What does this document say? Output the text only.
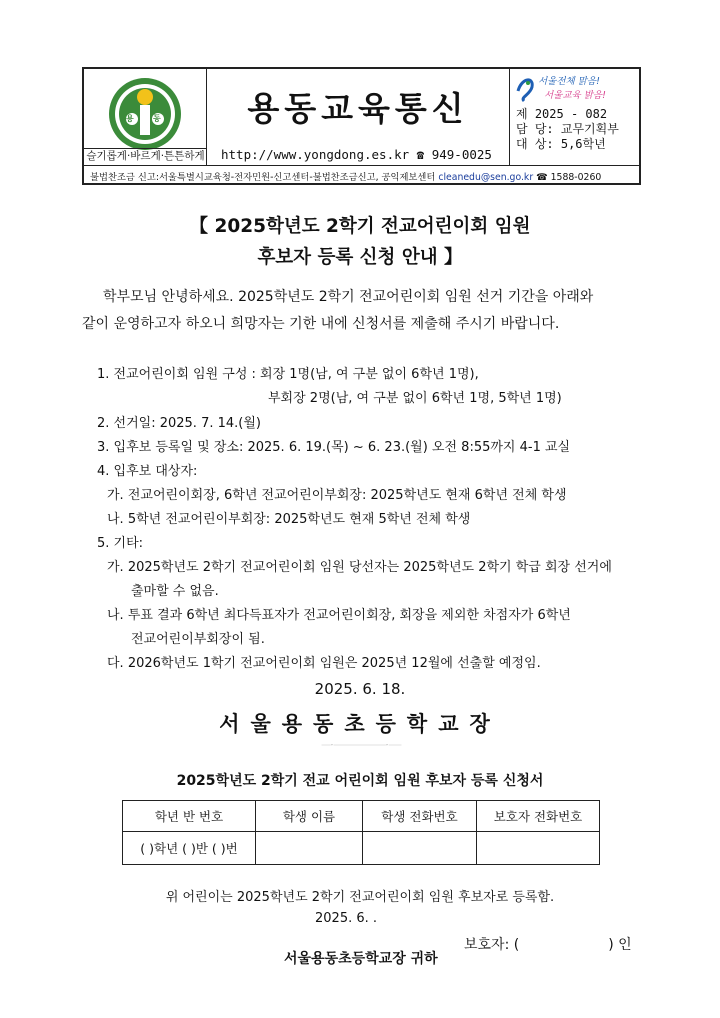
용 동
슬기롭게·바르게·튼튼하게
용동교육통신
http://www.yongdong.es.kr ☎ 949-0025
서울전체 맑음!
서울교육 밝음!
제 2025 - 082
담 당: 교무기획부
대 상: 5,6학년
불법찬조금 신고:서울특별시교육청-전자민원-신고센터-불법찬조금신고, 공익제보센터 cleanedu@sen.go.kr ☎ 1588-0260
【 2025학년도 2학기 전교어린이회 임원
후보자 등록 신청 안내 】
학부모님 안녕하세요. 2025학년도 2학기 전교어린이회 임원 선거 기간을 아래와
같이 운영하고자 하오니 희망자는 기한 내에 신청서를 제출해 주시기 바랍니다.
1. 전교어린이회 임원 구성 : 회장 1명(남, 여 구분 없이 6학년 1명),
부회장 2명(남, 여 구분 없이 6학년 1명, 5학년 1명)
2. 선거일: 2025. 7. 14.(월)
3. 입후보 등록일 및 장소: 2025. 6. 19.(목) ~ 6. 23.(월) 오전 8:55까지 4-1 교실
4. 입후보 대상자:
가. 전교어린이회장, 6학년 전교어린이부회장: 2025학년도 현재 6학년 전체 학생
나. 5학년 전교어린이부회장: 2025학년도 현재 5학년 전체 학생
5. 기타:
가. 2025학년도 2학기 전교어린이회 임원 당선자는 2025학년도 2학기 학급 회장 선거에
출마할 수 없음.
나. 투표 결과 6학년 최다득표자가 전교어린이회장, 회장을 제외한 차점자가 6학년
전교어린이부회장이 됨.
다. 2026학년도 1학기 전교어린이회 임원은 2025년 12월에 선출할 예정임.
2025. 6. 18.
서울용동초등학교장
✂	✂
2025학년도 2학기 전교 어린이회 임원 후보자 등록 신청서
학년 반 번호	학생 이름	학생 전화번호	보호자 전화번호
( )학년 ( )반 ( )번			
위 어린이는 2025학년도 2학기 전교어린이회 임원 후보자로 등록함.
2025. 6. .
보호자: (                    ) 인
서울용동초등학교장 귀하
